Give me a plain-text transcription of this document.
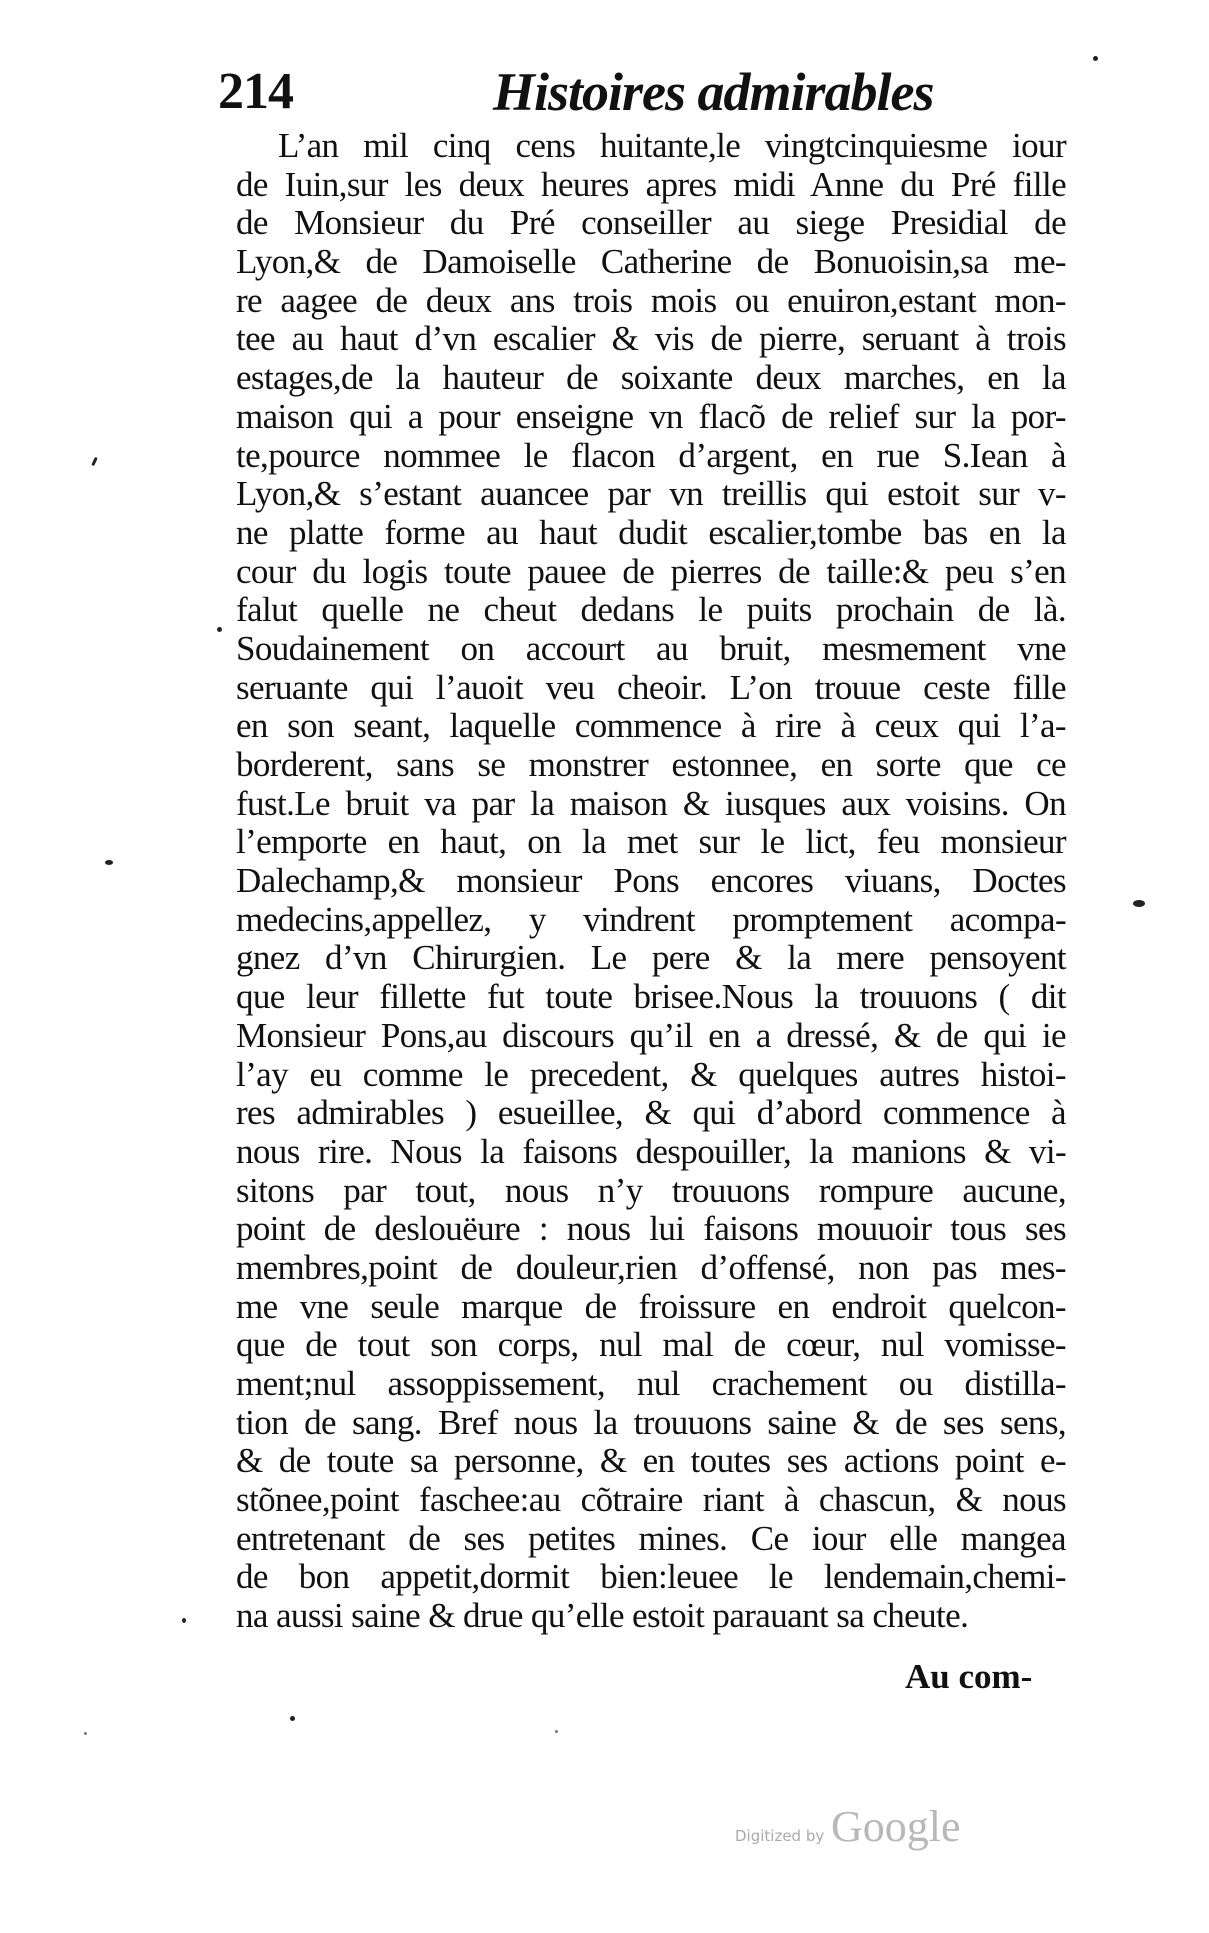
214	Histoires admirables
L’an mil cinq cens huitante,le vingtcinquiesme iour
de Iuin,sur les deux heures apres midi Anne du Pré fille
de Monsieur du Pré conseiller au siege Presidial de
Lyon,& de Damoiselle Catherine de Bonuoisin,sa me-
re aagee de deux ans trois mois ou enuiron,estant mon-
tee au haut d’vn escalier & vis de pierre, seruant à trois
estages,de la hauteur de soixante deux marches, en la
maison qui a pour enseigne vn flacõ de relief sur la por-
te,pource nommee le flacon d’argent, en rue S.Iean à
Lyon,& s’estant auancee par vn treillis qui estoit sur v-
ne platte forme au haut dudit escalier,tombe bas en la
cour du logis toute pauee de pierres de taille:& peu s’en
falut quelle ne cheut dedans le puits prochain de là.
Soudainement on accourt au bruit, mesmement vne
seruante qui l’auoit veu cheoir. L’on trouue ceste fille
en son seant, laquelle commence à rire à ceux qui l’a-
borderent, sans se monstrer estonnee, en sorte que ce
fust.Le bruit va par la maison & iusques aux voisins. On
l’emporte en haut, on la met sur le lict, feu monsieur
Dalechamp,& monsieur Pons encores viuans, Doctes
medecins,appellez, y vindrent promptement acompa-
gnez d’vn Chirurgien. Le pere & la mere pensoyent
que leur fillette fut toute brisee.Nous la trouuons ( dit
Monsieur Pons,au discours qu’il en a dressé, & de qui ie
l’ay eu comme le precedent, & quelques autres histoi-
res admirables ) esueillee, & qui d’abord commence à
nous rire. Nous la faisons despouiller, la manions & vi-
sitons par tout, nous n’y trouuons rompure aucune,
point de deslouëure : nous lui faisons mouuoir tous ses
membres,point de douleur,rien d’offensé, non pas mes-
me vne seule marque de froissure en endroit quelcon-
que de tout son corps, nul mal de cœur, nul vomisse-
ment;nul assoppissement, nul crachement ou distilla-
tion de sang. Bref nous la trouuons saine & de ses sens,
& de toute sa personne, & en toutes ses actions point e-
stõnee,point faschee:au cõtraire riant à chascun, & nous
entretenant de ses petites mines. Ce iour elle mangea
de bon appetit,dormit bien:leuee le lendemain,chemi-
na aussi saine & drue qu’elle estoit parauant sa cheute.
Au com-
Digitized by Google
